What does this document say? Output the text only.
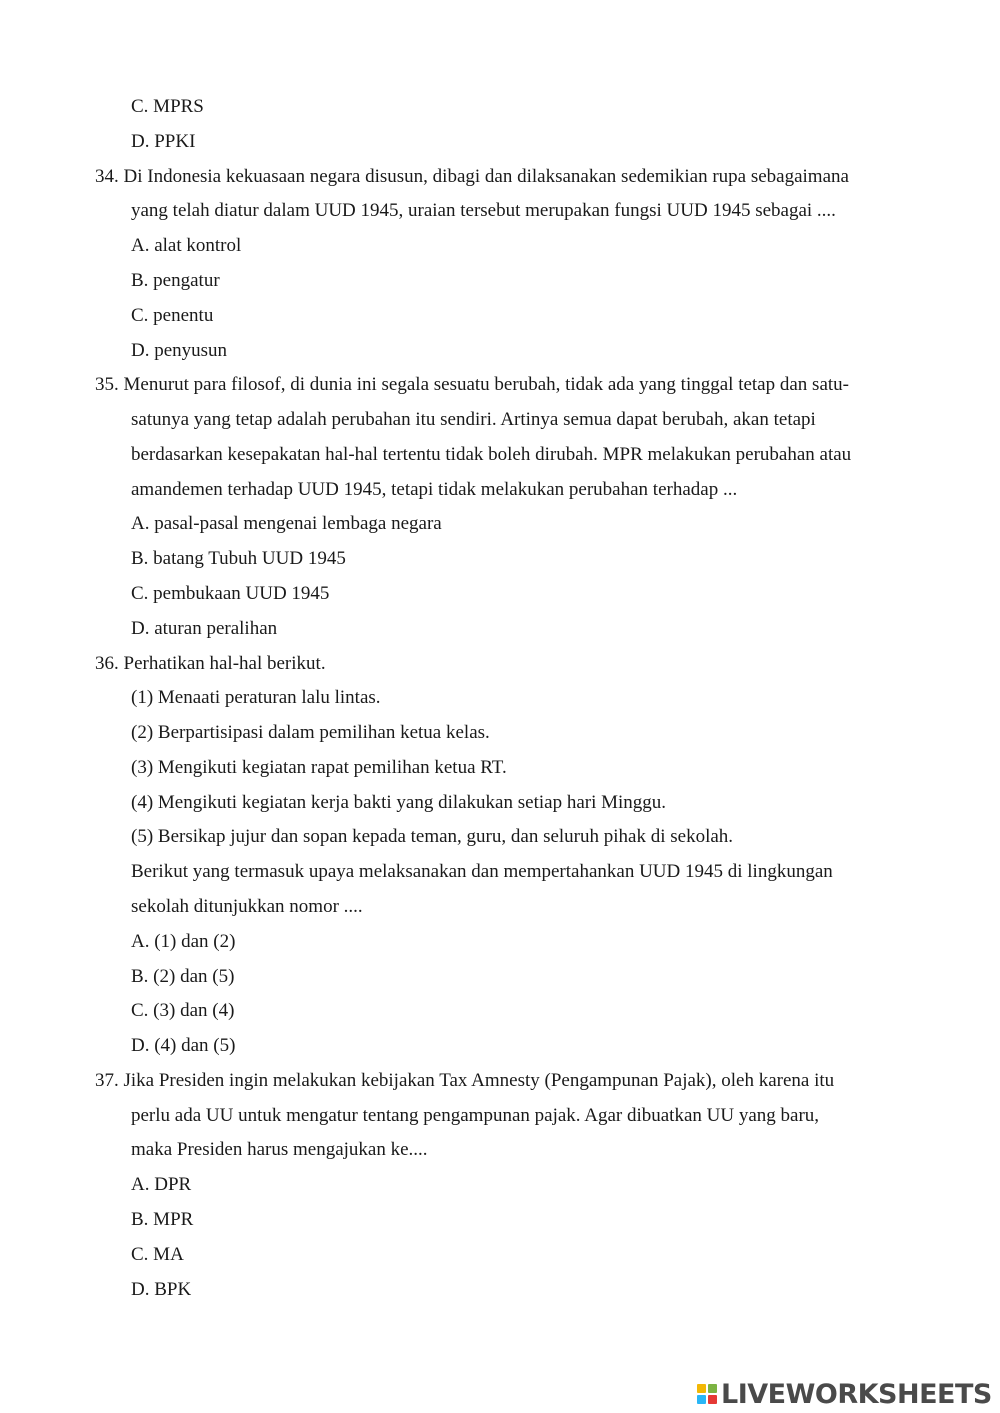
C. MPRS
D. PPKI
34. Di Indonesia kekuasaan negara disusun, dibagi dan dilaksanakan sedemikian rupa sebagaimana
yang telah diatur dalam UUD 1945, uraian tersebut merupakan fungsi UUD 1945 sebagai ....
A. alat kontrol
B. pengatur
C. penentu
D. penyusun
35. Menurut para filosof, di dunia ini segala sesuatu berubah, tidak ada yang tinggal tetap dan satu-
satunya yang tetap adalah perubahan itu sendiri. Artinya semua dapat berubah, akan tetapi
berdasarkan kesepakatan hal-hal tertentu tidak boleh dirubah. MPR melakukan perubahan atau
amandemen terhadap UUD 1945, tetapi tidak melakukan perubahan terhadap ...
A. pasal-pasal mengenai lembaga negara
B. batang Tubuh UUD 1945
C. pembukaan UUD 1945
D. aturan peralihan
36. Perhatikan hal-hal berikut.
(1) Menaati peraturan lalu lintas.
(2) Berpartisipasi dalam pemilihan ketua kelas.
(3) Mengikuti kegiatan rapat pemilihan ketua RT.
(4) Mengikuti kegiatan kerja bakti yang dilakukan setiap hari Minggu.
(5) Bersikap jujur dan sopan kepada teman, guru, dan seluruh pihak di sekolah.
Berikut yang termasuk upaya melaksanakan dan mempertahankan UUD 1945 di lingkungan
sekolah ditunjukkan nomor ....
A. (1) dan (2)
B. (2) dan (5)
C. (3) dan (4)
D. (4) dan (5)
37. Jika Presiden ingin melakukan kebijakan Tax Amnesty (Pengampunan Pajak), oleh karena itu
perlu ada UU untuk mengatur tentang pengampunan pajak. Agar dibuatkan UU yang baru,
maka Presiden harus mengajukan ke....
A. DPR
B. MPR
C. MA
D. BPK
LIVEWORKSHEETS
